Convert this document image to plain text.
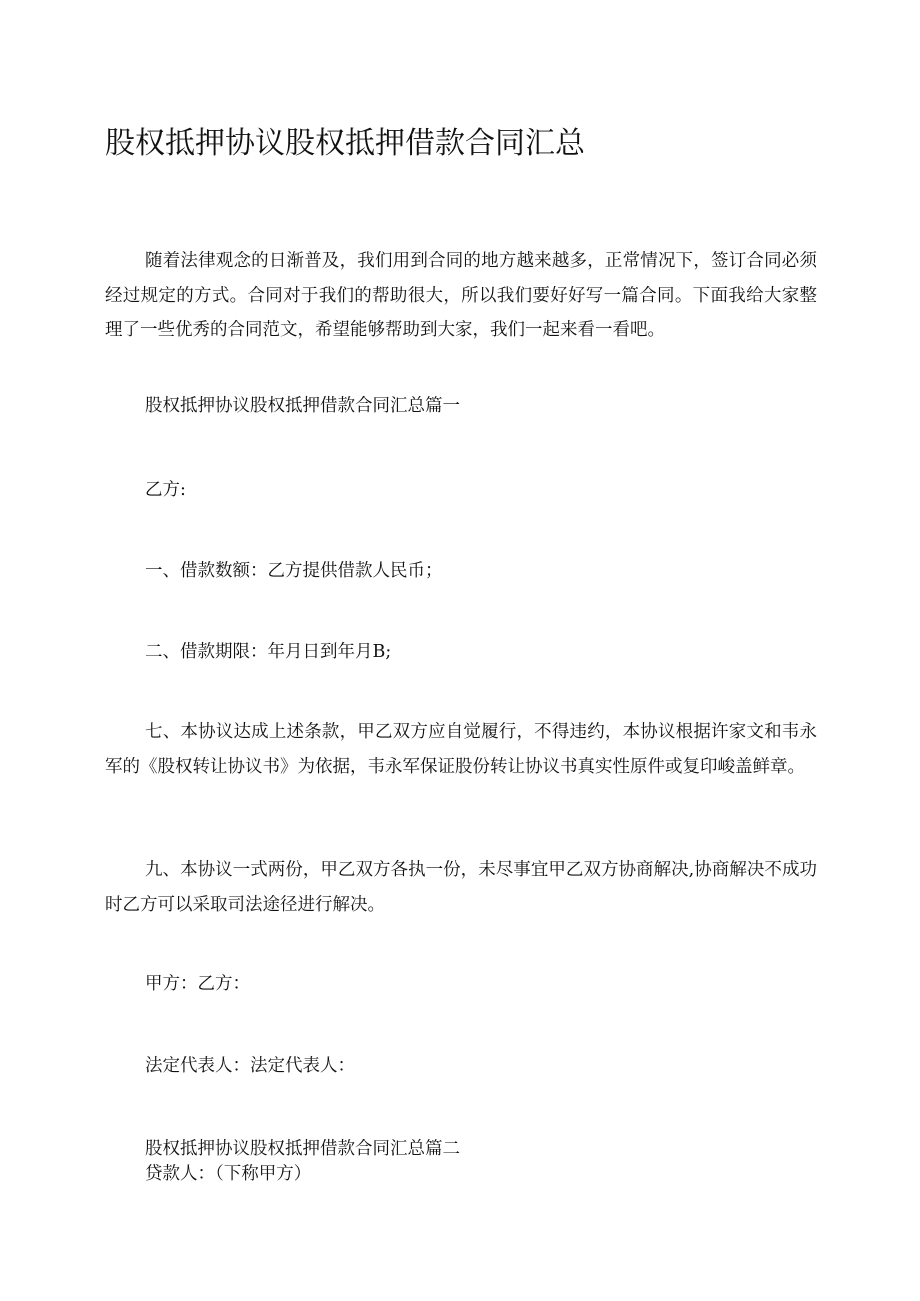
股权抵押协议股权抵押借款合同汇总

随着法律观念的日渐普及，我们用到合同的地方越来越多，正常情况下，签订合同必须经过规定的方式。合同对于我们的帮助很大，所以我们要好好写一篇合同。下面我给大家整理了一些优秀的合同范文，希望能够帮助到大家，我们一起来看一看吧。

股权抵押协议股权抵押借款合同汇总篇一

乙方:

一、借款数额：乙方提供借款人民币；

二、借款期限：年月日到年月B;

七、本协议达成上述条款，甲乙双方应自觉履行，不得违约，本协议根据许家文和韦永军的《股权转让协议书》为依据，韦永军保证股份转让协议书真实性原件或复印峻盖鲜章。

九、本协议一式两份，甲乙双方各执一份，未尽事宜甲乙双方协商解决,协商解决不成功时乙方可以采取司法途径进行解决。

甲方：乙方：

法定代表人：法定代表人：

股权抵押协议股权抵押借款合同汇总篇二

贷款人：（下称甲方）
